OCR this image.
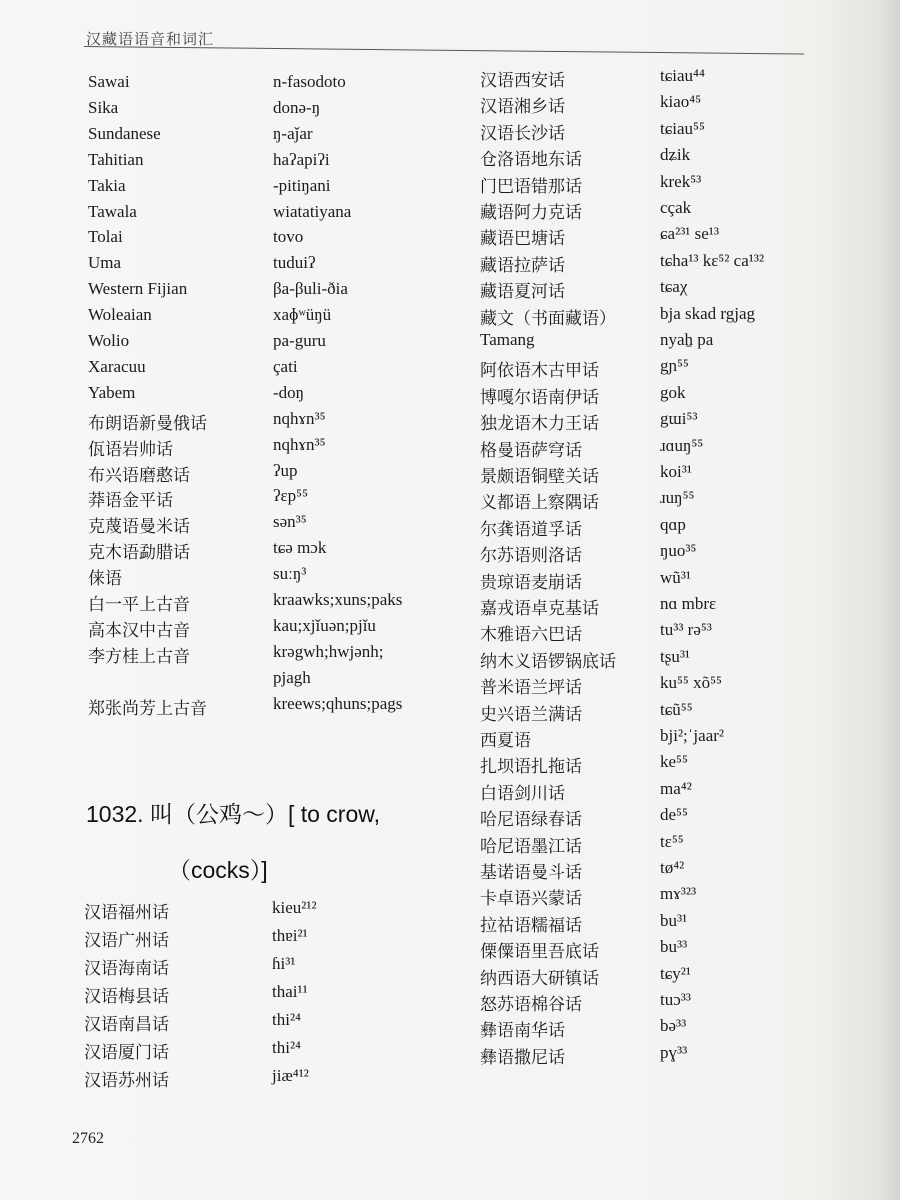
汉藏语语音和词汇
Sawai	n-fasodoto
Sika	donə-ŋ
Sundanese	ŋ-aǰar
Tahitian	haʔapiʔi
Takia	-pitiŋani
Tawala	wiatatiyana
Tolai	tovo
Uma	tuduiʔ
Western Fijian	βa-βuli-ðia
Woleaian	xaɸʷüŋü
Wolio	pa-guru
Xaracuu	çati
Yabem	-doŋ
布朗语新曼俄话	nqhɤn³⁵
佤语岩帅话	nqhɤn³⁵
布兴语磨憨话	ʔup
莽语金平话	ʔɛp⁵⁵
克蔑语曼米话	sən³⁵
克木语勐腊话	tɕə mɔk
俫语	suːŋ³
白一平上古音	kraawks;xuns;paks
高本汉中古音	kau;xjǐuən;pjǐu
李方桂上古音	krəgwh;hwjənh;
pjagh
郑张尚芳上古音	kreews;qhuns;pags
1032. 叫（公鸡～）[ to crow,
（cocks）]
汉语福州话	kieu²¹²
汉语广州话	thɐi²¹
汉语海南话	ɦi³¹
汉语梅县话	thai¹¹
汉语南昌话	thi²⁴
汉语厦门话	thi²⁴
汉语苏州话	jiæ⁴¹²
汉语西安话	tɕiau⁴⁴
汉语湘乡话	kiao⁴⁵
汉语长沙话	tɕiau⁵⁵
仓洛语地东话	dʑik
门巴语错那话	krek⁵³
藏语阿力克话	cçak
藏语巴塘话	ɕa²³¹ se¹³
藏语拉萨话	tɕha¹³ kɛ⁵² ca¹³²
藏语夏河话	tɕaχ
藏文（书面藏语）	bja skad rgjag
Tamang	nyah̠ pa
阿依语木古甲话	gɲ⁵⁵
博嘎尔语南伊话	gok
独龙语木力王话	gɯi⁵³
格曼语萨穹话	ɹɑuŋ⁵⁵
景颇语铜壁关话	koi³¹
义都语上察隅话	ɹuŋ⁵⁵
尔龚语道孚话	qɑp
尔苏语则洛话	ŋuo³⁵
贵琼语麦崩话	wũ³¹
嘉戎语卓克基话	nɑ mbrɛ
木雅语六巴话	tu³³ rə⁵³
纳木义语锣锅底话	tʂu³¹
普米语兰坪话	ku⁵⁵ xõ⁵⁵
史兴语兰满话	tɕũ⁵⁵
西夏语	bji²;ˈjaar²
扎坝语扎拖话	ke⁵⁵
白语剑川话	ma⁴²
哈尼语绿春话	de⁵⁵
哈尼语墨江话	tɛ⁵⁵
基诺语曼斗话	tø⁴²
卡卓语兴蒙话	mɤ³²³
拉祜语糯福话	bu³¹
傈僳语里吾底话	bu³³
纳西语大研镇话	tɕy²¹
怒苏语棉谷话	tuɔ³³
彝语南华话	bə³³
彝语撒尼话	pɣ³³
2762
